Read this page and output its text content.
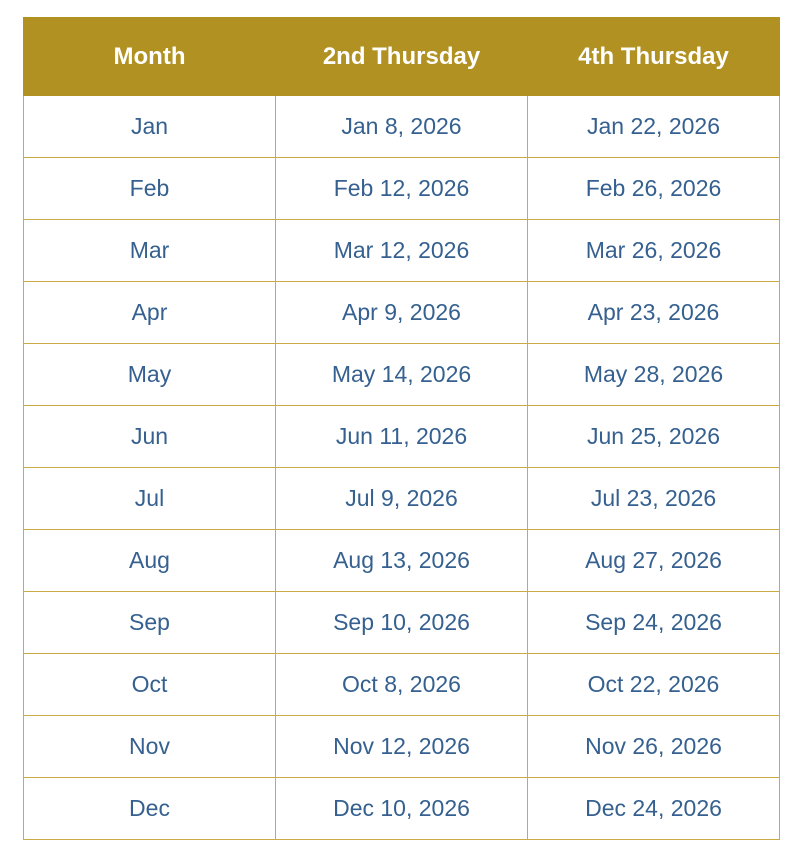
Month	2nd Thursday	4th Thursday
Jan	Jan 8, 2026	Jan 22, 2026
Feb	Feb 12, 2026	Feb 26, 2026
Mar	Mar 12, 2026	Mar 26, 2026
Apr	Apr 9, 2026	Apr 23, 2026
May	May 14, 2026	May 28, 2026
Jun	Jun 11, 2026	Jun 25, 2026
Jul	Jul 9, 2026	Jul 23, 2026
Aug	Aug 13, 2026	Aug 27, 2026
Sep	Sep 10, 2026	Sep 24, 2026
Oct	Oct 8, 2026	Oct 22, 2026
Nov	Nov 12, 2026	Nov 26, 2026
Dec	Dec 10, 2026	Dec 24, 2026
